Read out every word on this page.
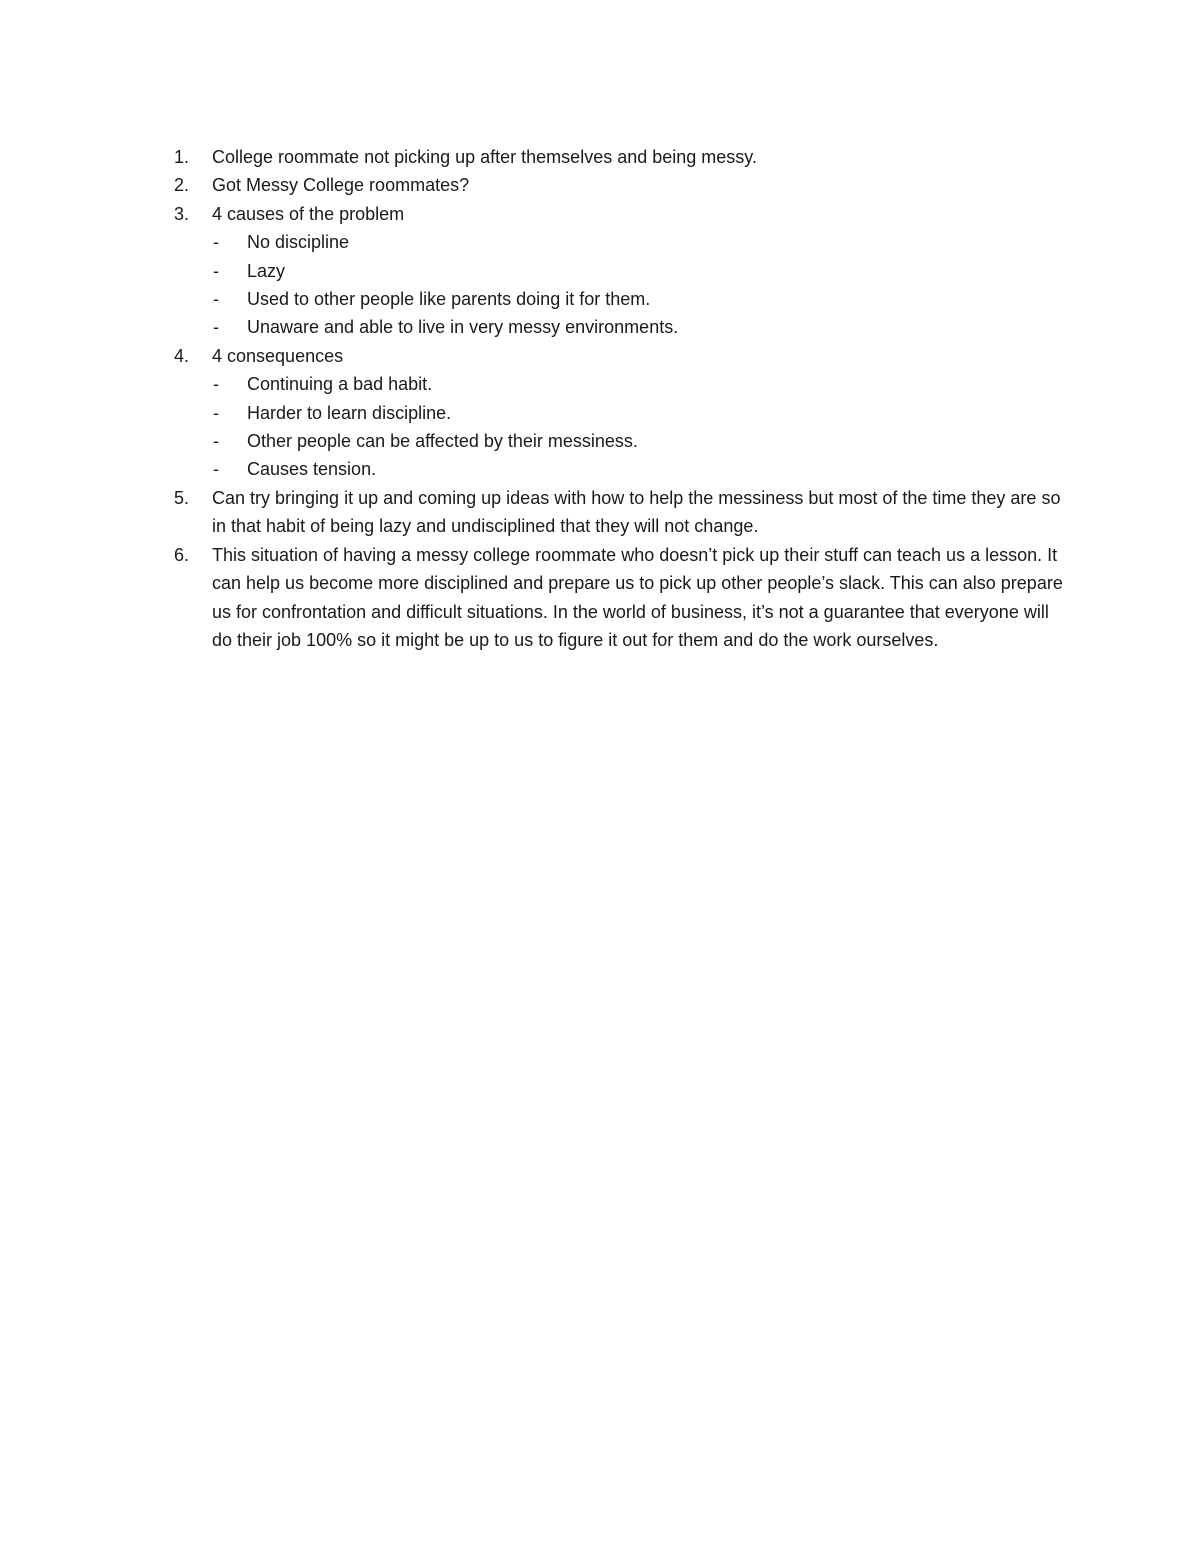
1.	College roommate not picking up after themselves and being messy.
2.	Got Messy College roommates?
3.	4 causes of the problem
- No discipline
- Lazy
- Used to other people like parents doing it for them.
- Unaware and able to live in very messy environments.
4.	4 consequences
- Continuing a bad habit.
- Harder to learn discipline.
- Other people can be affected by their messiness.
- Causes tension.
5.	Can try bringing it up and coming up ideas with how to help the messiness but most of the time they are so in that habit of being lazy and undisciplined that they will not change.
6.	This situation of having a messy college roommate who doesn’t pick up their stuff can teach us a lesson. It can help us become more disciplined and prepare us to pick up other people’s slack. This can also prepare us for confrontation and difficult situations. In the world of business, it’s not a guarantee that everyone will do their job 100% so it might be up to us to figure it out for them and do the work ourselves.
